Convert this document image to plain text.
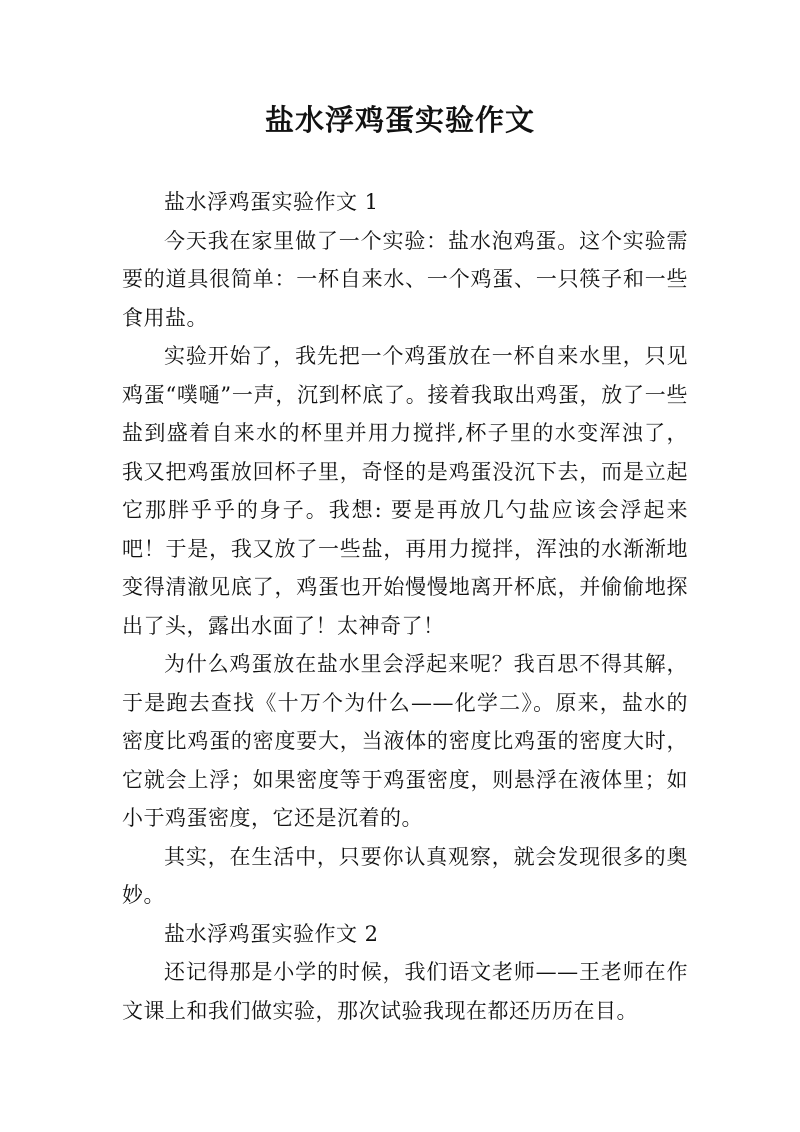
盐水浮鸡蛋实验作文

盐水浮鸡蛋实验作文 1

今天我在家里做了一个实验：盐水泡鸡蛋。这个实验需要的道具很简单：一杯自来水、一个鸡蛋、一只筷子和一些食用盐。

实验开始了，我先把一个鸡蛋放在一杯自来水里，只见鸡蛋“噗嗵”一声，沉到杯底了。接着我取出鸡蛋，放了一些盐到盛着自来水的杯里并用力搅拌,杯子里的水变浑浊了，我又把鸡蛋放回杯子里，奇怪的是鸡蛋没沉下去，而是立起它那胖乎乎的身子。我想: 要是再放几勺盐应该会浮起来吧！于是，我又放了一些盐，再用力搅拌，浑浊的水渐渐地变得清澈见底了，鸡蛋也开始慢慢地离开杯底，并偷偷地探出了头，露出水面了！太神奇了！

为什么鸡蛋放在盐水里会浮起来呢？我百思不得其解，于是跑去查找《十万个为什么——化学二》。原来，盐水的密度比鸡蛋的密度要大，当液体的密度比鸡蛋的密度大时，它就会上浮；如果密度等于鸡蛋密度，则悬浮在液体里；如小于鸡蛋密度，它还是沉着的。

其实，在生活中，只要你认真观察，就会发现很多的奥妙。

盐水浮鸡蛋实验作文 2

还记得那是小学的时候，我们语文老师——王老师在作文课上和我们做实验，那次试验我现在都还历历在目。
